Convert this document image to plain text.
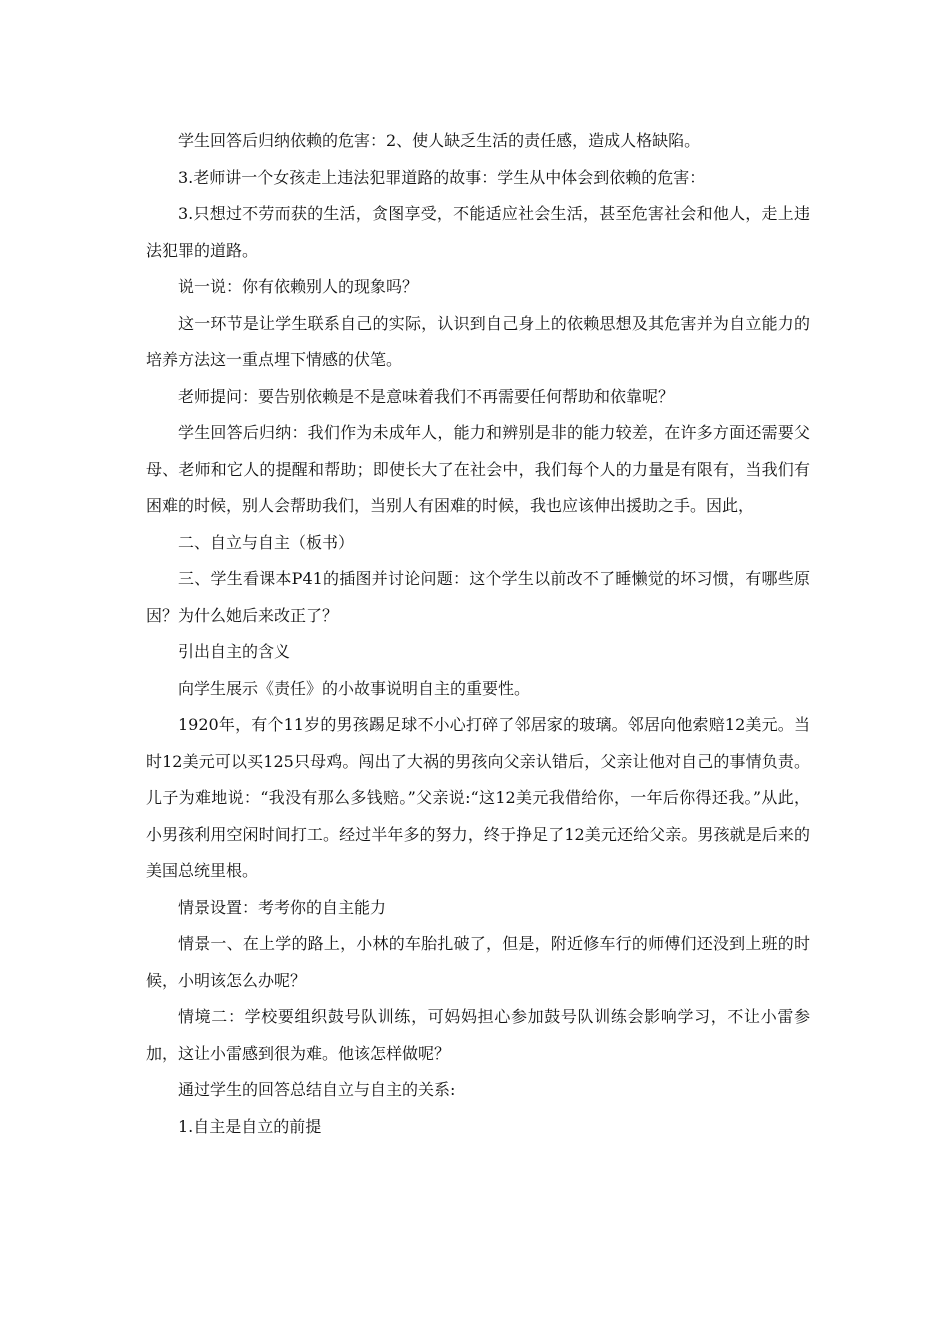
学生回答后归纳依赖的危害：2、使人缺乏生活的责任感，造成人格缺陷。

3.老师讲一个女孩走上违法犯罪道路的故事：学生从中体会到依赖的危害：

3.只想过不劳而获的生活，贪图享受，不能适应社会生活，甚至危害社会和他人，走上违法犯罪的道路。

说一说：你有依赖别人的现象吗？

这一环节是让学生联系自己的实际，认识到自己身上的依赖思想及其危害并为自立能力的培养方法这一重点埋下情感的伏笔。

老师提问：要告别依赖是不是意味着我们不再需要任何帮助和依靠呢？

学生回答后归纳：我们作为未成年人，能力和辨别是非的能力较差，在许多方面还需要父母、老师和它人的提醒和帮助；即使长大了在社会中，我们每个人的力量是有限有，当我们有困难的时候，别人会帮助我们，当别人有困难的时候，我也应该伸出援助之手。因此，

二、自立与自主（板书）

三、学生看课本P41的插图并讨论问题：这个学生以前改不了睡懒觉的坏习惯，有哪些原因？为什么她后来改正了？

引出自主的含义

向学生展示《责任》的小故事说明自主的重要性。

1920年，有个11岁的男孩踢足球不小心打碎了邻居家的玻璃。邻居向他索赔12美元。当时12美元可以买125只母鸡。闯出了大祸的男孩向父亲认错后，父亲让他对自己的事情负责。儿子为难地说：“我没有那么多钱赔。”父亲说:“这12美元我借给你，一年后你得还我。”从此，小男孩利用空闲时间打工。经过半年多的努力，终于挣足了12美元还给父亲。男孩就是后来的美国总统里根。

情景设置：考考你的自主能力

情景一、在上学的路上，小林的车胎扎破了，但是，附近修车行的师傅们还没到上班的时候，小明该怎么办呢？

情境二：学校要组织鼓号队训练，可妈妈担心参加鼓号队训练会影响学习，不让小雷参加，这让小雷感到很为难。他该怎样做呢？

通过学生的回答总结自立与自主的关系:

1.自主是自立的前提
